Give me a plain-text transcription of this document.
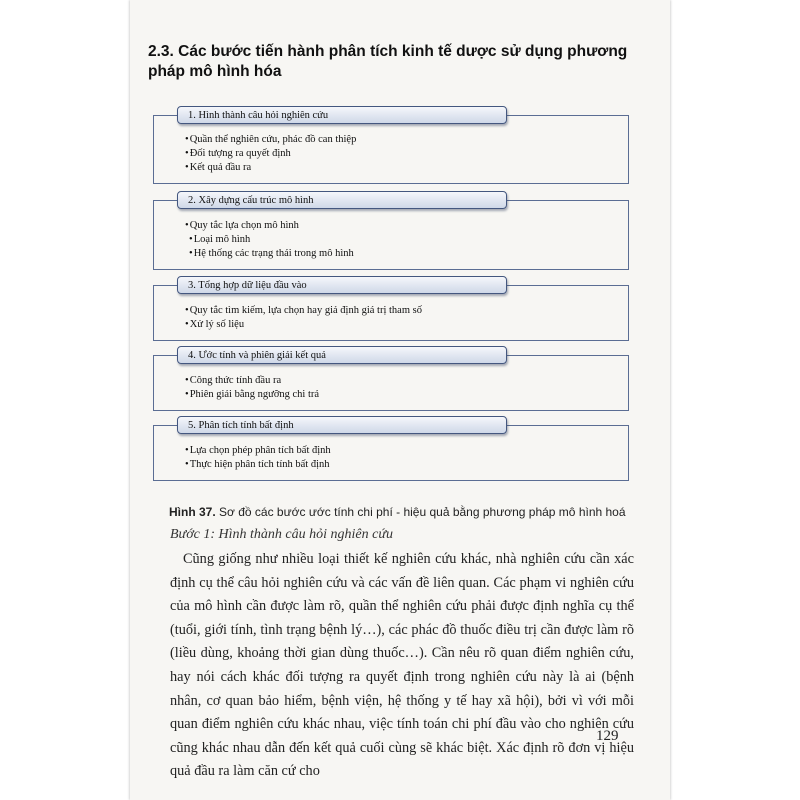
2.3. Các bước tiến hành phân tích kinh tế dược sử dụng phương pháp mô hình hóa
1. Hình thành câu hỏi nghiên cứu
• Quần thể nghiên cứu, phác đồ can thiệp
• Đối tượng ra quyết định
• Kết quả đầu ra
2. Xây dựng cấu trúc mô hình
• Quy tắc lựa chọn mô hình
• Loại mô hình
• Hệ thống các trạng thái trong mô hình
3. Tổng hợp dữ liệu đầu vào
• Quy tắc tìm kiếm, lựa chọn hay giả định giá trị tham số
• Xử lý số liệu
4. Ước tính và phiên giải kết quả
• Công thức tính đầu ra
• Phiên giải bằng ngưỡng chi trả
5. Phân tích tính bất định
• Lựa chọn phép phân tích bất định
• Thực hiện phân tích tính bất định

Hình 37. Sơ đồ các bước ước tính chi phí - hiệu quả bằng phương pháp mô hình hoá

Bước 1: Hình thành câu hỏi nghiên cứu

Cũng giống như nhiều loại thiết kế nghiên cứu khác, nhà nghiên cứu cần xác định cụ thể câu hỏi nghiên cứu và các vấn đề liên quan. Các phạm vi nghiên cứu của mô hình cần được làm rõ, quần thể nghiên cứu phải được định nghĩa cụ thể (tuổi, giới tính, tình trạng bệnh lý…), các phác đồ thuốc điều trị cần được làm rõ (liều dùng, khoảng thời gian dùng thuốc…). Cần nêu rõ quan điểm nghiên cứu, hay nói cách khác đối tượng ra quyết định trong nghiên cứu này là ai (bệnh nhân, cơ quan bảo hiểm, bệnh viện, hệ thống y tế hay xã hội), bởi vì với mỗi quan điểm nghiên cứu khác nhau, việc tính toán chi phí đầu vào cho nghiên cứu cũng khác nhau dẫn đến kết quả cuối cùng sẽ khác biệt. Xác định rõ đơn vị hiệu quả đầu ra làm căn cứ cho

129
